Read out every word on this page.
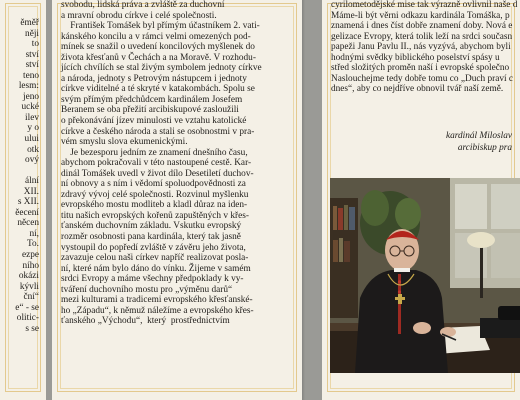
ěměř
něji
to
ství
ství
teno
lesm:
jeno
ucké
ilev
y o
ului
otk
ový

ální
XII.
s XII.
ěecení
něcen
ní,
To.
ezpe
ního
okázi
kývli
ční“
e“ - se
olitic-
s se
svobodu, lidská práva a zvláště za duchovní
a mravní obrodu církve i celé společnosti.
František Tomášek byl přímým účastníkem 2. vati-
kánského koncilu a v rámci velmi omezených pod-
mínek se snažil o uvedení koncilových myšlenek do
života křesťanů v Čechách a na Moravě. V rozhodu-
jících chvílích se stal živým symbolem jednoty církve
a národa, jednoty s Petrovým nástupcem i jednoty
církve viditelné a té skryté v katakombách. Spolu se
svým přímým předchůdcem kardinálem Josefem
Beranem se oba přežití arcibiskupové zasloužili
o překonávání jízev minulosti ve vztahu katolické
církve a českého národa a stali se osobnostmi v pra-
vém smyslu slova ekumenickými.
Je bezesporu jedním ze znamení dnešního času,
abychom pokračovali v této nastoupené cestě. Kar-
dinál Tomášek uvedl v život dílo Desetiletí duchov-
ní obnovy a s ním i vědomí spoluodpovědnosti za
zdravý vývoj celé společnosti. Rozvinul myšlenku
evropského mostu modliteb a kladl důraz na iden-
titu našich evropských kořenů zapuštěných v křes-
ťanském duchovním základu. Vskutku evropský
rozměr osobnosti pana kardinála, který tak jasně
vystoupil do popředí zvláště v závěru jeho života,
zavazuje celou naši církev napříč realizovat posla-
ní, které nám bylo dáno do vínku. Žijeme v samém
srdci Evropy a máme všechny předpoklady k vy-
tváření duchovního mostu pro „výměnu darů“
mezi kulturami a tradicemi evropského křesťanské-
ho „Západu“, k němuž náležíme a evropského křes-
ťanského „Východu“,  který  prostřednictvím
cyrilometodějské mise tak výrazně ovlivnil naše d
Máme-li být věrni odkazu kardinála Tomáška, p
znamená i dnes číst dobře znamení doby. Nová e
gelizace Evropy, která tolik leží na srdci současn
papeži Janu Pavlu II., nás vyzývá, abychom byli
hodnými svědky biblického poselství spásy u
střed složitých proměn naší i evropské společno
Naslouchejme tedy dobře tomu co „Duch praví c
dnes“, aby co nejdříve obnovil tvář naší země.
kardinál Miloslav
arcibiskup pra
